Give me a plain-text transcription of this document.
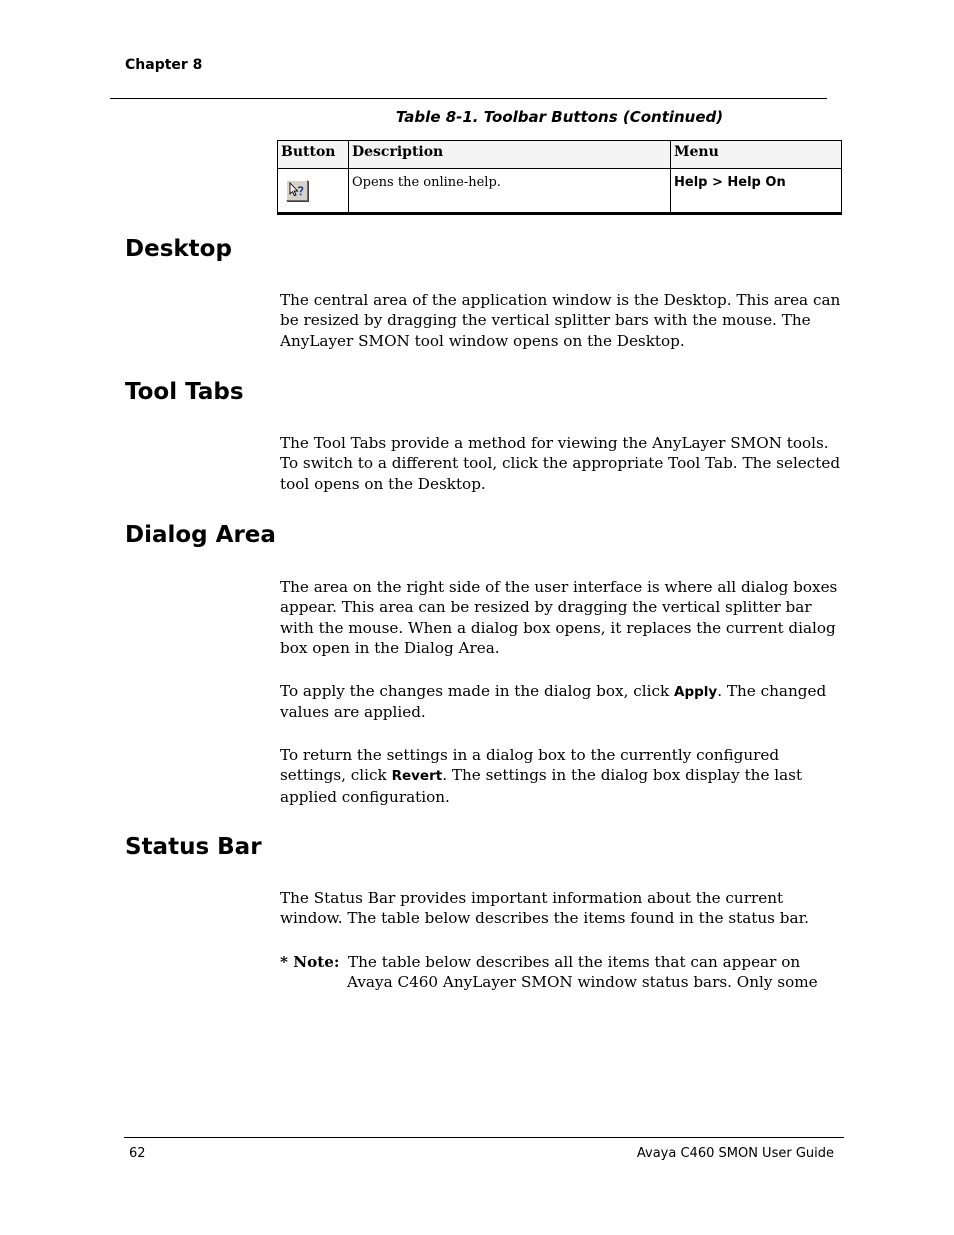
Chapter 8
Table 8-1. Toolbar Buttons (Continued)
Button	Description	Menu

	Opens the online-help.	Help > Help On
Desktop

The central area of the application window is the Desktop. This area can be resized by dragging the vertical splitter bars with the mouse. The AnyLayer SMON tool window opens on the Desktop.

Tool Tabs

The Tool Tabs provide a method for viewing the AnyLayer SMON tools. To switch to a different tool, click the appropriate Tool Tab. The selected tool opens on the Desktop.

Dialog Area

The area on the right side of the user interface is where all dialog boxes appear. This area can be resized by dragging the vertical splitter bar with the mouse. When a dialog box opens, it replaces the current dialog box open in the Dialog Area.

To apply the changes made in the dialog box, click Apply. The changed values are applied.

To return the settings in a dialog box to the currently configured settings, click Revert. The settings in the dialog box display the last applied configuration.

Status Bar

The Status Bar provides important information about the current window. The table below describes the items found in the status bar.

* Note: The table below describes all the items that can appear on
Avaya C460 AnyLayer SMON window status bars. Only some
62	Avaya C460 SMON User Guide
